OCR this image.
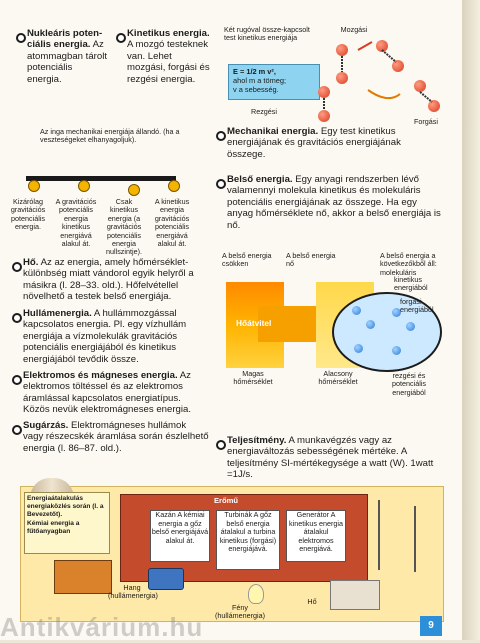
Nukleáris poten-ciális energia. Az atommagban tárolt potenciális energia.
Kinetikus energia. A mozgó testeknek van. Lehet mozgási, forgási és rezgési energia.
Két rugóval össze-kapcsolt test kinetikus energiája
E = 1/2 m v²,
ahol m a tömeg;
v a sebesség.
Mozgási
Rezgési
Forgási
Az inga mechanikai energiája állandó. (ha a veszteségeket elhanyagoljuk).
Kizárólag gravitációs potenciális energia.
A gravitációs potenciális energia kinetikus energiává alakul át.
Csak kinetikus energia (a gravitációs potenciális energia nullszintje).
A kinetikus energia gravitációs potenciális energiává alakul át.
Mechanikai energia. Egy test kinetikus energiájának és gravitációs energiájának összege.
Belső energia. Egy anyagi rendszerben lévő valamennyi molekula kinetikus és molekuláris potenciális energiájának az összege. Ha egy anyag hőmérséklete nő, akkor a belső energiája is nő.
Hő. Az az energia, amely hőmérséklet-különbség miatt vándorol egyik helyről a másikra (l. 28–33. old.). Hőfelvétellel növelhető a testek belső energiája.
Hullámenergia. A hullámmozgással kapcsolatos energia. Pl. egy vízhullám energiája a vízmolekulák gravitációs potenciális energiájából és kinetikus energiájából tevődik össze.
Elektromos és mágneses energia. Az elektromos töltéssel és az elektromos áramlással kapcsolatos energiatípus. Közös nevük elektromágneses energia.
Sugárzás. Elektromágneses hullámok vagy részecskék áramlása során észlelhető energia (l. 86–87. old.).
A belső energia csökken
A belső energia nő
A belső energia a következőkből áll: molekuláris
Hőátvitel
kinetikus energiából
forgási energiából
Magas hőmérséklet
Alacsony hőmérséklet
rezgési és potenciális energiából
Teljesítmény. A munkavégzés vagy az energiaváltozás sebességének mértéke. A teljesítmény SI-mértékegysége a watt (W). 1watt =1J/s.
Energiaátalakulás energiaközlés során (l. a Bevezetőt).
Kémiai energia a fűtőanyagban
Erőmű
Kazán A kémiai energia a gőz belső energiájává alakul át.
Turbinák A gőz belső energia átalakul a turbina kinetikus (forgási) energiájává.
Generátor A kinetikus energia átalakul elektromos energiává.
Hang (hullámenergia)
Fény (hullámenergia)
Hő
9
Antikvárium.hu
